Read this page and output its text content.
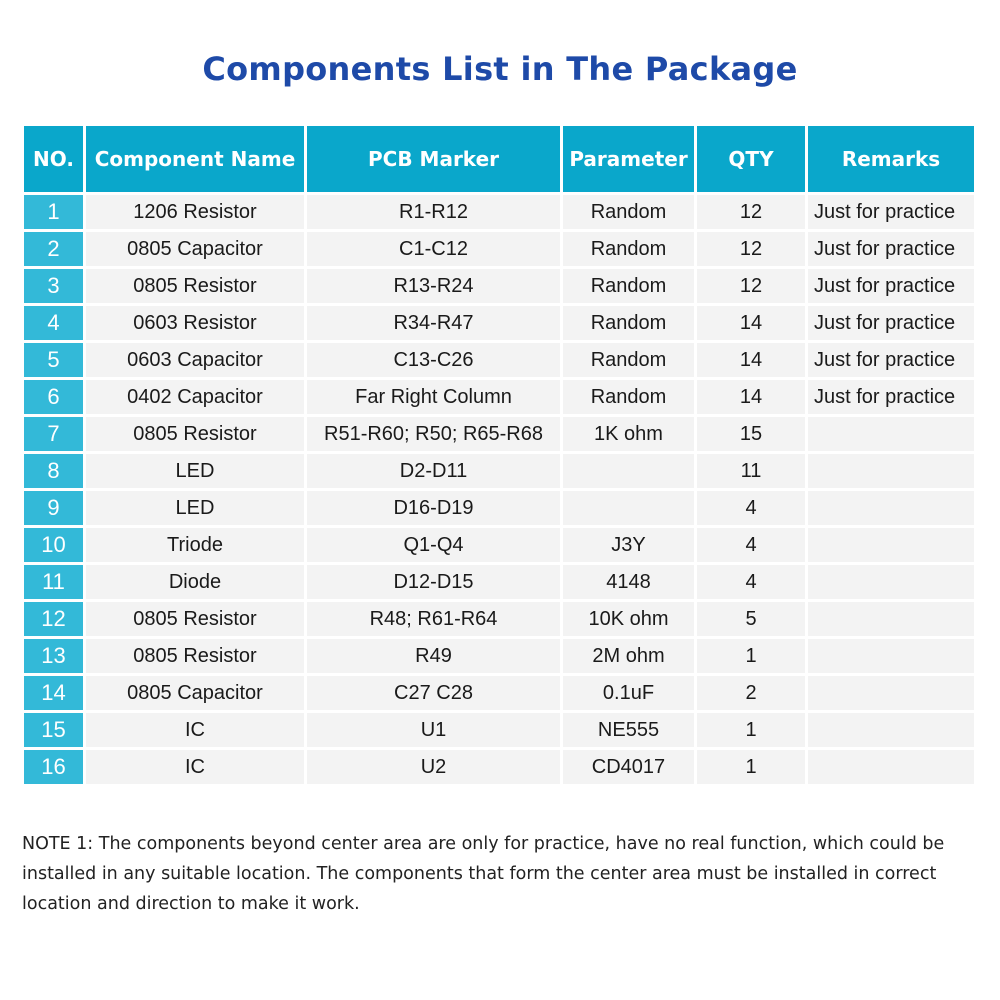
Components List in The Package
NO.	Component Name	PCB Marker	Parameter	QTY	Remarks
1	1206 Resistor	R1-R12	Random	12	Just for practice
2	0805 Capacitor	C1-C12	Random	12	Just for practice
3	0805 Resistor	R13-R24	Random	12	Just for practice
4	0603 Resistor	R34-R47	Random	14	Just for practice
5	0603 Capacitor	C13-C26	Random	14	Just for practice
6	0402 Capacitor	Far Right Column	Random	14	Just for practice
7	0805 Resistor	R51-R60; R50; R65-R68	1K ohm	15	
8	LED	D2-D11		11	
9	LED	D16-D19		4	
10	Triode	Q1-Q4	J3Y	4	
11	Diode	D12-D15	4148	4	
12	0805 Resistor	R48; R61-R64	10K ohm	5	
13	0805 Resistor	R49	2M ohm	1	
14	0805 Capacitor	C27 C28	0.1uF	2	
15	IC	U1	NE555	1	
16	IC	U2	CD4017	1	
NOTE 1: The components beyond center area are only for practice, have no real function, which could be installed in any suitable location. The components that form the center area must be installed in correct location and direction to make it work.
